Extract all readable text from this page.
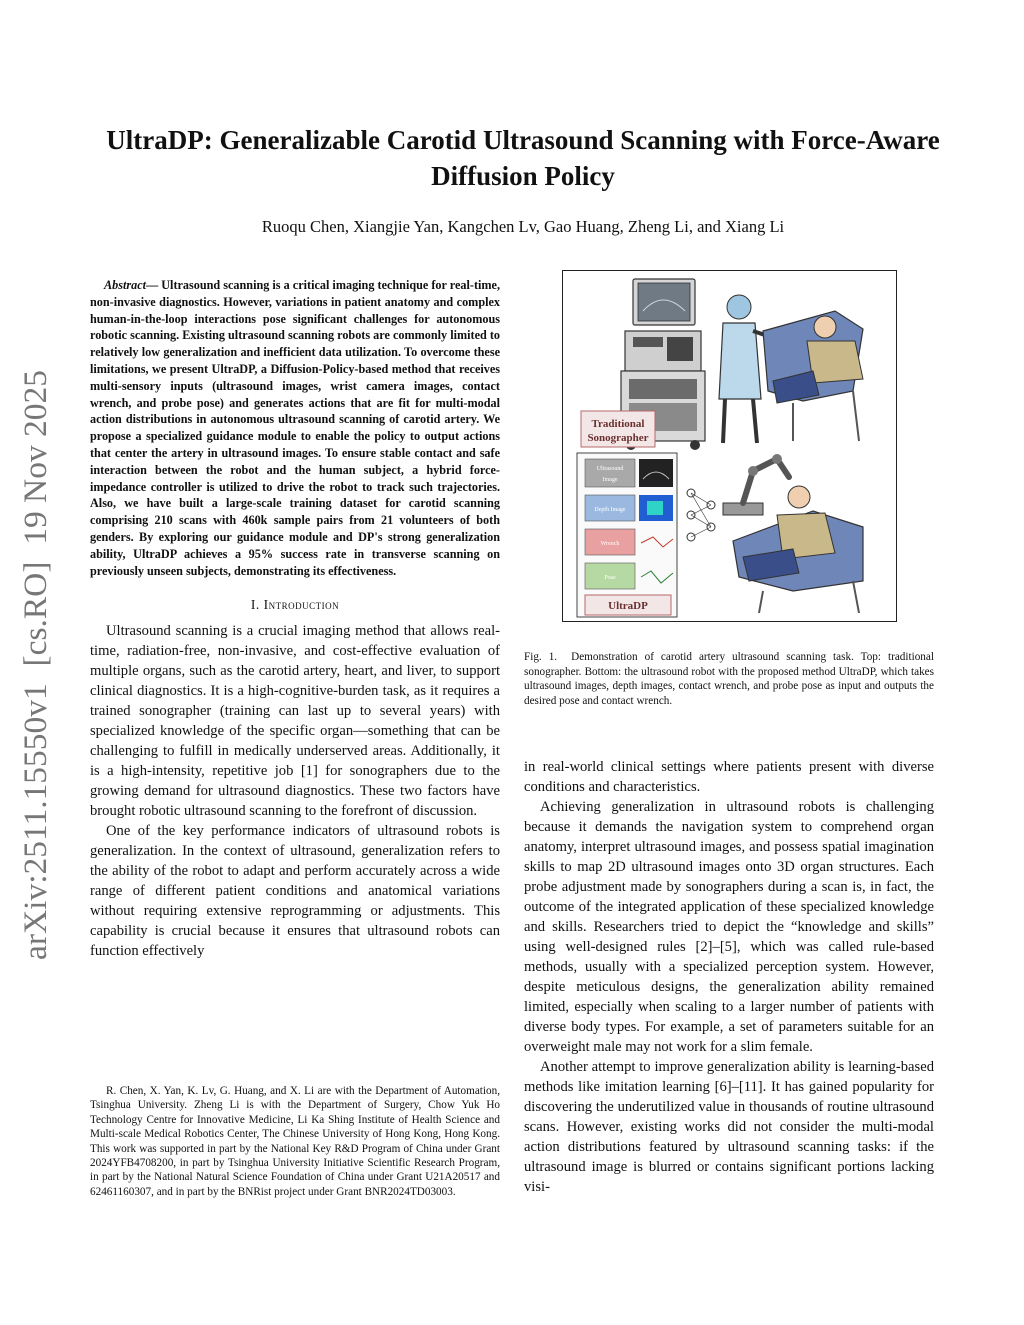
arXiv:2511.15550v1  [cs.RO]  19 Nov 2025
UltraDP: Generalizable Carotid Ultrasound Scanning with Force-Aware Diffusion Policy
Ruoqu Chen, Xiangjie Yan, Kangchen Lv, Gao Huang, Zheng Li, and Xiang Li

Abstract— Ultrasound scanning is a critical imaging technique for real-time, non-invasive diagnostics. However, variations in patient anatomy and complex human-in-the-loop interactions pose significant challenges for autonomous robotic scanning. Existing ultrasound scanning robots are commonly limited to relatively low generalization and inefficient data utilization. To overcome these limitations, we present UltraDP, a Diffusion-Policy-based method that receives multi-sensory inputs (ultrasound images, wrist camera images, contact wrench, and probe pose) and generates actions that are fit for multi-modal action distributions in autonomous ultrasound scanning of carotid artery. We propose a specialized guidance module to enable the policy to output actions that center the artery in ultrasound images. To ensure stable contact and safe interaction between the robot and the human subject, a hybrid force-impedance controller is utilized to drive the robot to track such trajectories. Also, we have built a large-scale training dataset for carotid scanning comprising 210 scans with 460k sample pairs from 21 volunteers of both genders. By exploring our guidance module and DP's strong generalization ability, UltraDP achieves a 95% success rate in transverse scanning on previously unseen subjects, demonstrating its effectiveness.

I. Introduction

Ultrasound scanning is a crucial imaging method that allows real-time, radiation-free, non-invasive, and cost-effective evaluation of multiple organs, such as the carotid artery, heart, and liver, to support clinical diagnostics. It is a high-cognitive-burden task, as it requires a trained sonographer (training can last up to several years) with specialized knowledge of the specific organ—something that can be challenging to fulfill in medically underserved areas. Additionally, it is a high-intensity, repetitive job [1] for sonographers due to the growing demand for ultrasound diagnostics. These two factors have brought robotic ultrasound scanning to the forefront of discussion.

One of the key performance indicators of ultrasound robots is generalization. In the context of ultrasound, generalization refers to the ability of the robot to adapt and perform accurately across a wide range of different patient conditions and anatomical variations without requiring extensive reprogramming or adjustments. This capability is crucial because it ensures that ultrasound robots can function effectively

R. Chen, X. Yan, K. Lv, G. Huang, and X. Li are with the Department of Automation, Tsinghua University. Zheng Li is with the Department of Surgery, Chow Yuk Ho Technology Centre for Innovative Medicine, Li Ka Shing Institute of Health Science and Multi-scale Medical Robotics Center, The Chinese University of Hong Kong, Hong Kong. This work was supported in part by the National Key R&D Program of China under Grant 2024YFB4708200, in part by Tsinghua University Initiative Scientific Research Program, in part by the National Natural Science Foundation of China under Grant U21A20517 and 62461160307, and in part by the BNRist project under Grant BNR2024TD03003.

Traditional
Sonographer
Ultrasound
Image
Depth Image
Wrench
Pose
UltraDP
Fig. 1. Demonstration of carotid artery ultrasound scanning task. Top: traditional sonographer. Bottom: the ultrasound robot with the proposed method UltraDP, which takes ultrasound images, depth images, contact wrench, and probe pose as input and outputs the desired pose and contact wrench.

in real-world clinical settings where patients present with diverse conditions and characteristics.

Achieving generalization in ultrasound robots is challenging because it demands the navigation system to comprehend organ anatomy, interpret ultrasound images, and possess spatial imagination skills to map 2D ultrasound images onto 3D organ structures. Each probe adjustment made by sonographers during a scan is, in fact, the outcome of the integrated application of these specialized knowledge and skills. Researchers tried to depict the “knowledge and skills” using well-designed rules [2]–[5], which was called rule-based methods, usually with a specialized perception system. However, despite meticulous designs, the generalization ability remained limited, especially when scaling to a larger number of patients with diverse body types. For example, a set of parameters suitable for an overweight male may not work for a slim female.

Another attempt to improve generalization ability is learning-based methods like imitation learning [6]–[11]. It has gained popularity for discovering the underutilized value in thousands of routine ultrasound scans. However, existing works did not consider the multi-modal action distributions featured by ultrasound scanning tasks: if the ultrasound image is blurred or contains significant portions lacking visi-
